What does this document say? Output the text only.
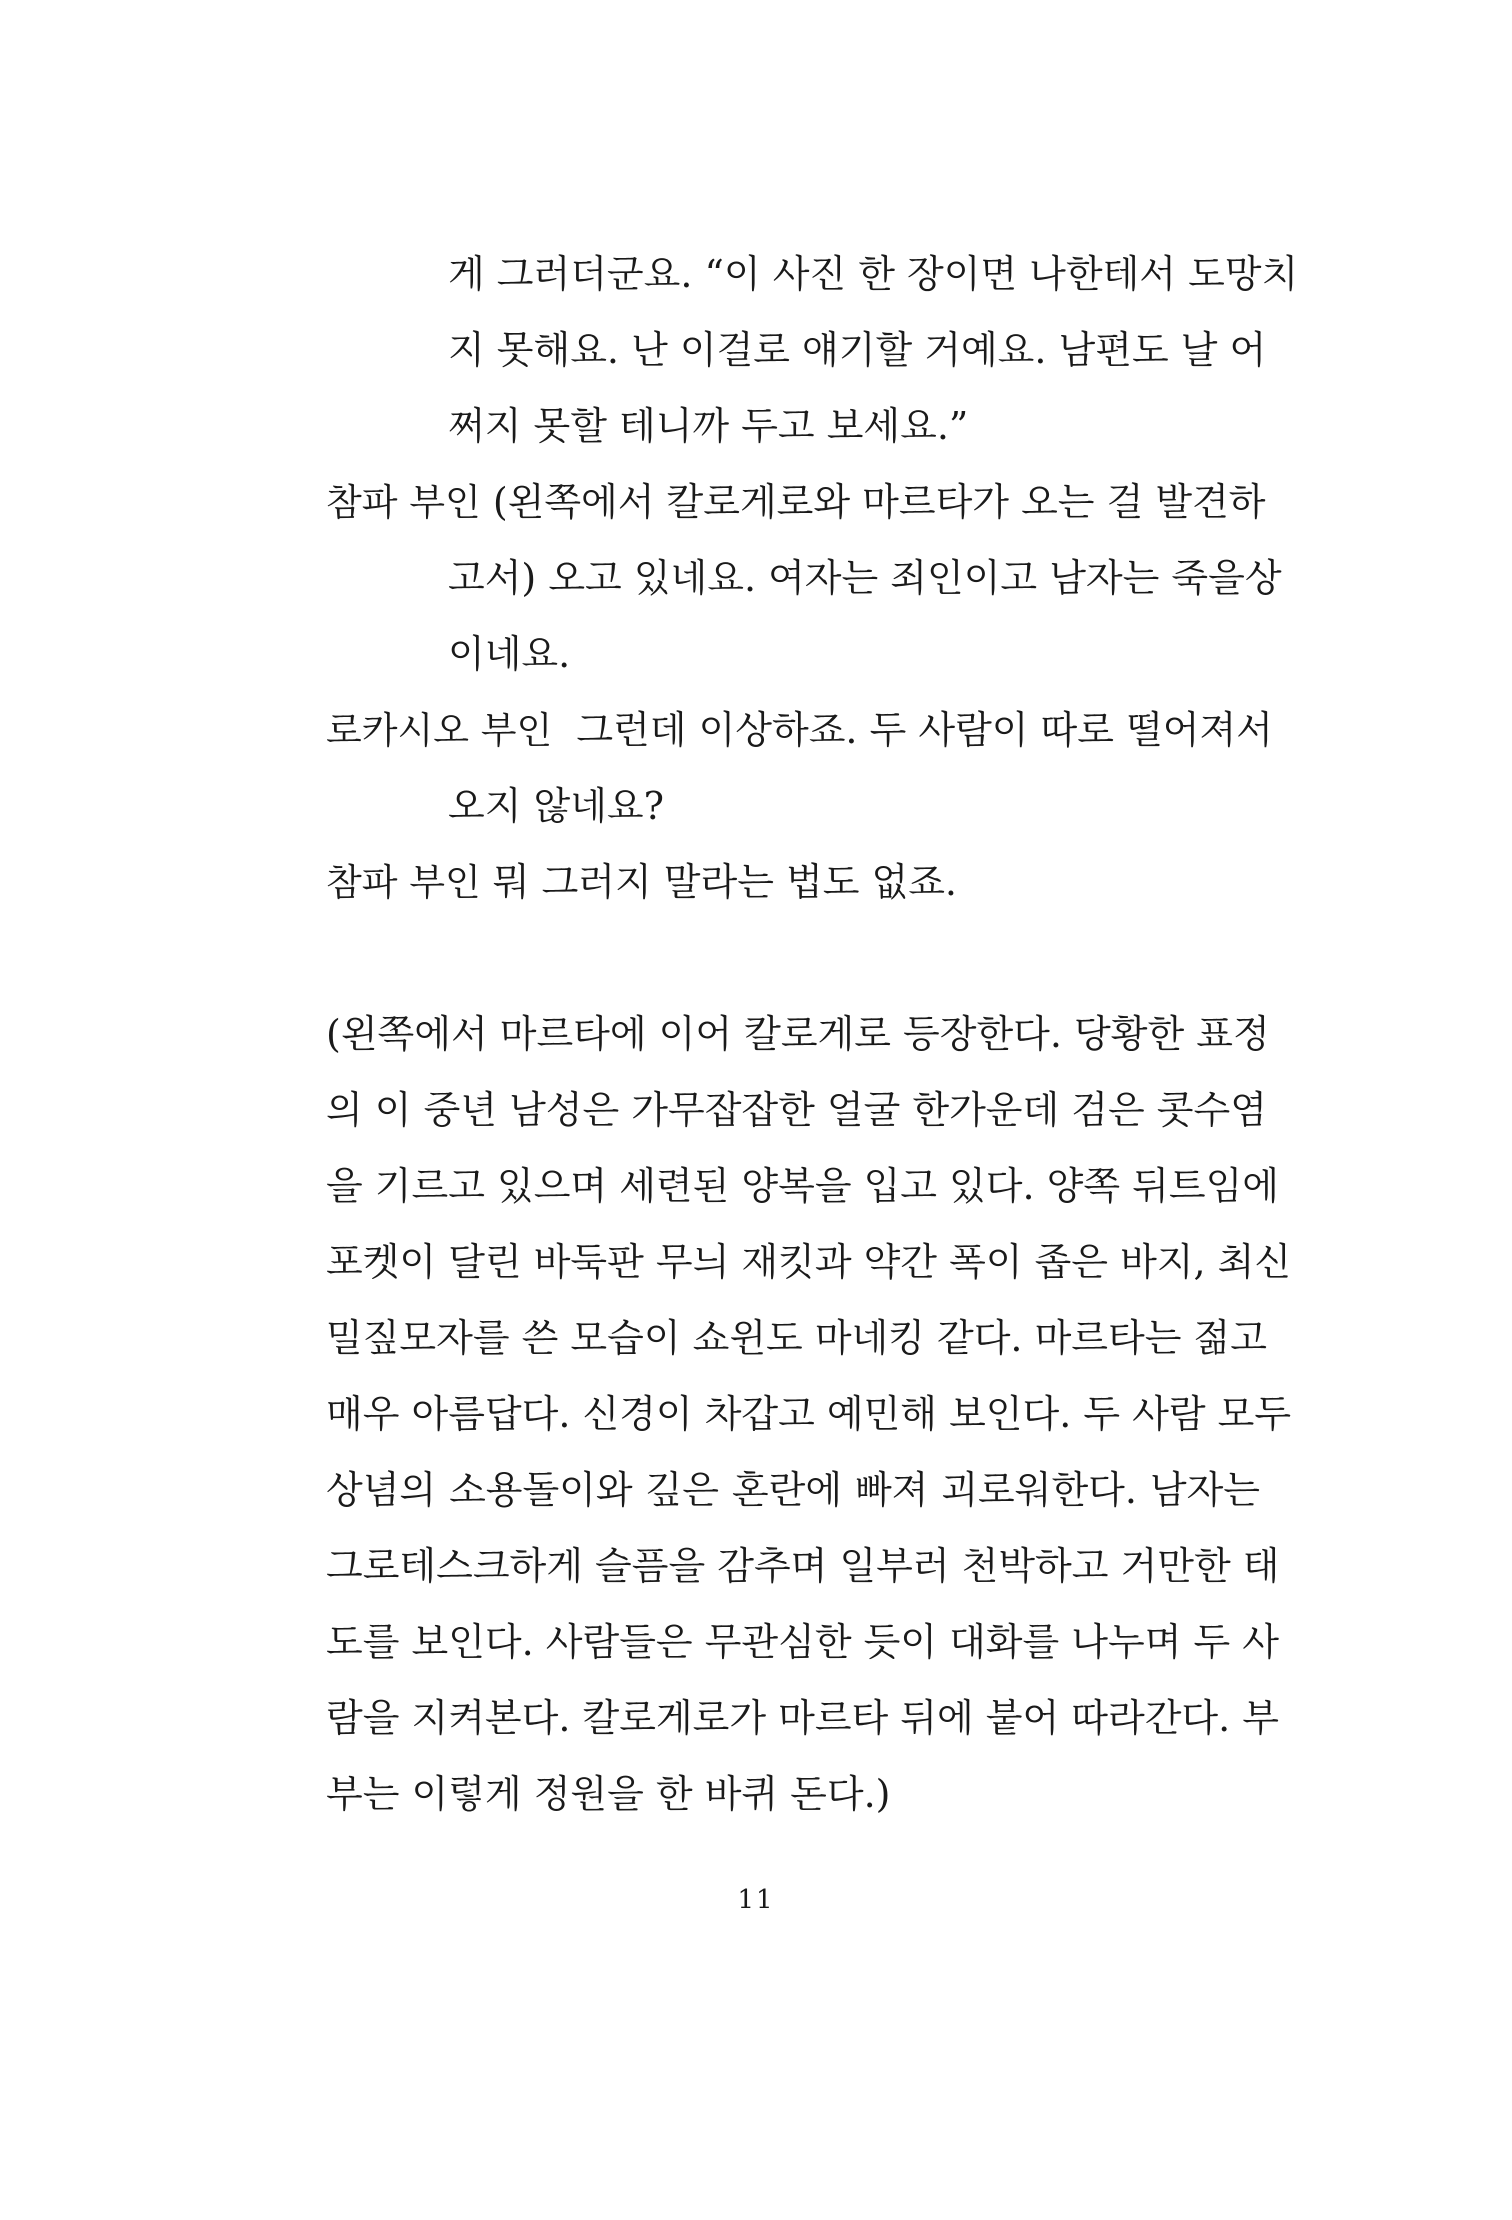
게 그러더군요. “이 사진 한 장이면 나한테서 도망치
지 못해요. 난 이걸로 얘기할 거예요. 남편도 날 어
쩌지 못할 테니까 두고 보세요.”
참파 부인 (왼쪽에서 칼로게로와 마르타가 오는 걸 발견하
고서) 오고 있네요. 여자는 죄인이고 남자는 죽을상
이네요.
로카시오 부인  그런데 이상하죠. 두 사람이 따로 떨어져서
오지 않네요?
참파 부인 뭐 그러지 말라는 법도 없죠.
(왼쪽에서 마르타에 이어 칼로게로 등장한다. 당황한 표정
의 이 중년 남성은 가무잡잡한 얼굴 한가운데 검은 콧수염
을 기르고 있으며 세련된 양복을 입고 있다. 양쪽 뒤트임에
포켓이 달린 바둑판 무늬 재킷과 약간 폭이 좁은 바지, 최신
밀짚모자를 쓴 모습이 쇼윈도 마네킹 같다. 마르타는 젊고
매우 아름답다. 신경이 차갑고 예민해 보인다. 두 사람 모두
상념의 소용돌이와 깊은 혼란에 빠져 괴로워한다. 남자는
그로테스크하게 슬픔을 감추며 일부러 천박하고 거만한 태
도를 보인다. 사람들은 무관심한 듯이 대화를 나누며 두 사
람을 지켜본다. 칼로게로가 마르타 뒤에 붙어 따라간다. 부
부는 이렇게 정원을 한 바퀴 돈다.)
11
